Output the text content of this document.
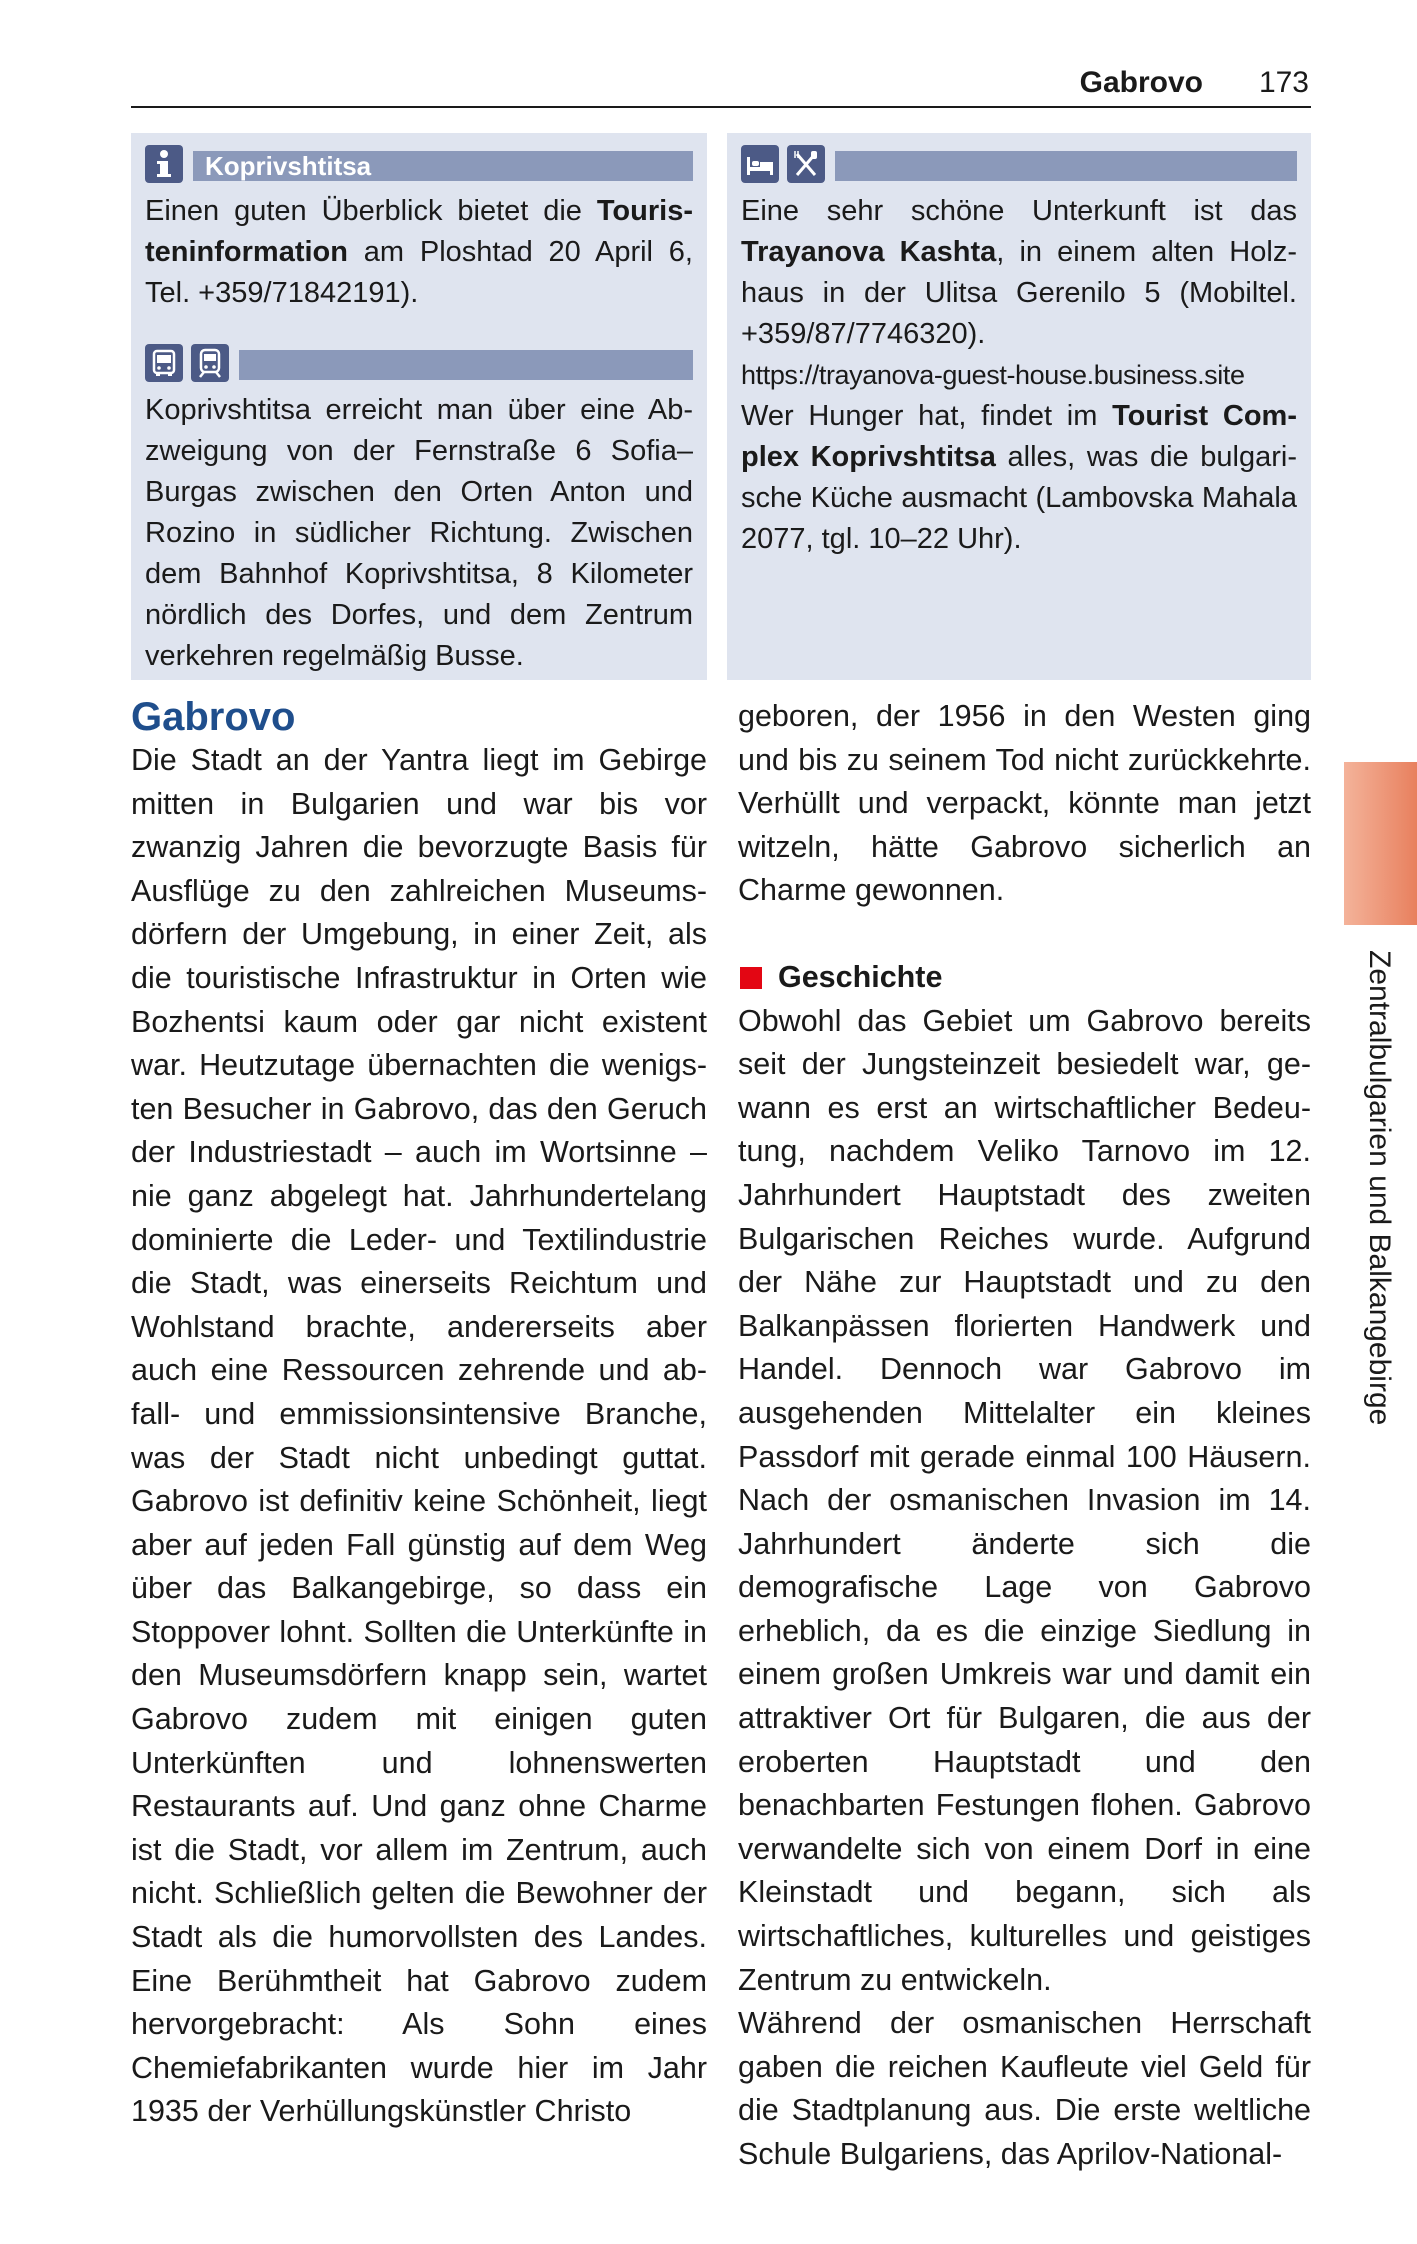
Gabrovo 173
Koprivshtitsa

Einen guten Überblick bietet die Touristeninformation am Ploshtad 20 April 6, Tel. +359/71842191).

Koprivshtitsa erreicht man über eine Abzweigung von der Fernstraße 6 Sofia–Burgas zwischen den Orten Anton und Rozino in südlicher Richtung. Zwischen dem Bahnhof Koprivshtitsa, 8 Kilometer nördlich des Dorfes, und dem Zentrum verkehren regelmäßig Busse.

Eine sehr schöne Unterkunft ist das Trayanova Kashta, in einem alten Holzhaus in der Ulitsa Gerenilo 5 (Mobiltel. +359/87/7746320).

https://trayanova-guest-house.business.site

Wer Hunger hat, findet im Tourist Complex Koprivshtitsa alles, was die bulgarische Küche ausmacht (Lambovska Mahala 2077, tgl. 10–22 Uhr).

Gabrovo

Die Stadt an der Yantra liegt im Gebirge mitten in Bulgarien und war bis vor zwanzig Jahren die bevorzugte Basis für Ausflüge zu den zahlreichen Museumsdörfern der Umgebung, in einer Zeit, als die touristische Infrastruktur in Orten wie Bozhentsi kaum oder gar nicht existent war. Heutzutage übernachten die wenigsten Besucher in Gabrovo, das den Geruch der Industriestadt – auch im Wortsinne – nie ganz abgelegt hat. Jahrhundertelang dominierte die Leder- und Textilindustrie die Stadt, was einerseits Reichtum und Wohlstand brachte, andererseits aber auch eine Ressourcen zehrende und abfall- und emmissionsintensive Branche, was der Stadt nicht unbedingt guttat. Gabrovo ist definitiv keine Schönheit, liegt aber auf jeden Fall günstig auf dem Weg über das Balkangebirge, so dass ein Stoppover lohnt. Sollten die Unterkünfte in den Museumsdörfern knapp sein, wartet Gabrovo zudem mit einigen guten Unterkünften und lohnenswerten Restaurants auf. Und ganz ohne Charme ist die Stadt, vor allem im Zentrum, auch nicht. Schließlich gelten die Bewohner der Stadt als die humorvollsten des Landes. Eine Berühmtheit hat Gabrovo zudem hervorgebracht: Als Sohn eines Chemiefabrikanten wurde hier im Jahr 1935 der Verhüllungskünstler Christo

geboren, der 1956 in den Westen ging und bis zu seinem Tod nicht zurückkehrte. Verhüllt und verpackt, könnte man jetzt witzeln, hätte Gabrovo sicherlich an Charme gewonnen.

Geschichte

Obwohl das Gebiet um Gabrovo bereits seit der Jungsteinzeit besiedelt war, gewann es erst an wirtschaftlicher Bedeutung, nachdem Veliko Tarnovo im 12. Jahrhundert Hauptstadt des zweiten Bulgarischen Reiches wurde. Aufgrund der Nähe zur Hauptstadt und zu den Balkanpässen florierten Handwerk und Handel. Dennoch war Gabrovo im ausgehenden Mittelalter ein kleines Passdorf mit gerade einmal 100 Häusern. Nach der osmanischen Invasion im 14. Jahrhundert änderte sich die demografische Lage von Gabrovo erheblich, da es die einzige Siedlung in einem großen Umkreis war und damit ein attraktiver Ort für Bulgaren, die aus der eroberten Hauptstadt und den benachbarten Festungen flohen. Gabrovo verwandelte sich von einem Dorf in eine Kleinstadt und begann, sich als wirtschaftliches, kulturelles und geistiges Zentrum zu entwickeln.

Während der osmanischen Herrschaft gaben die reichen Kaufleute viel Geld für die Stadtplanung aus. Die erste weltliche Schule Bulgariens, das Aprilov-National-

Zentralbulgarien und Balkangebirge
